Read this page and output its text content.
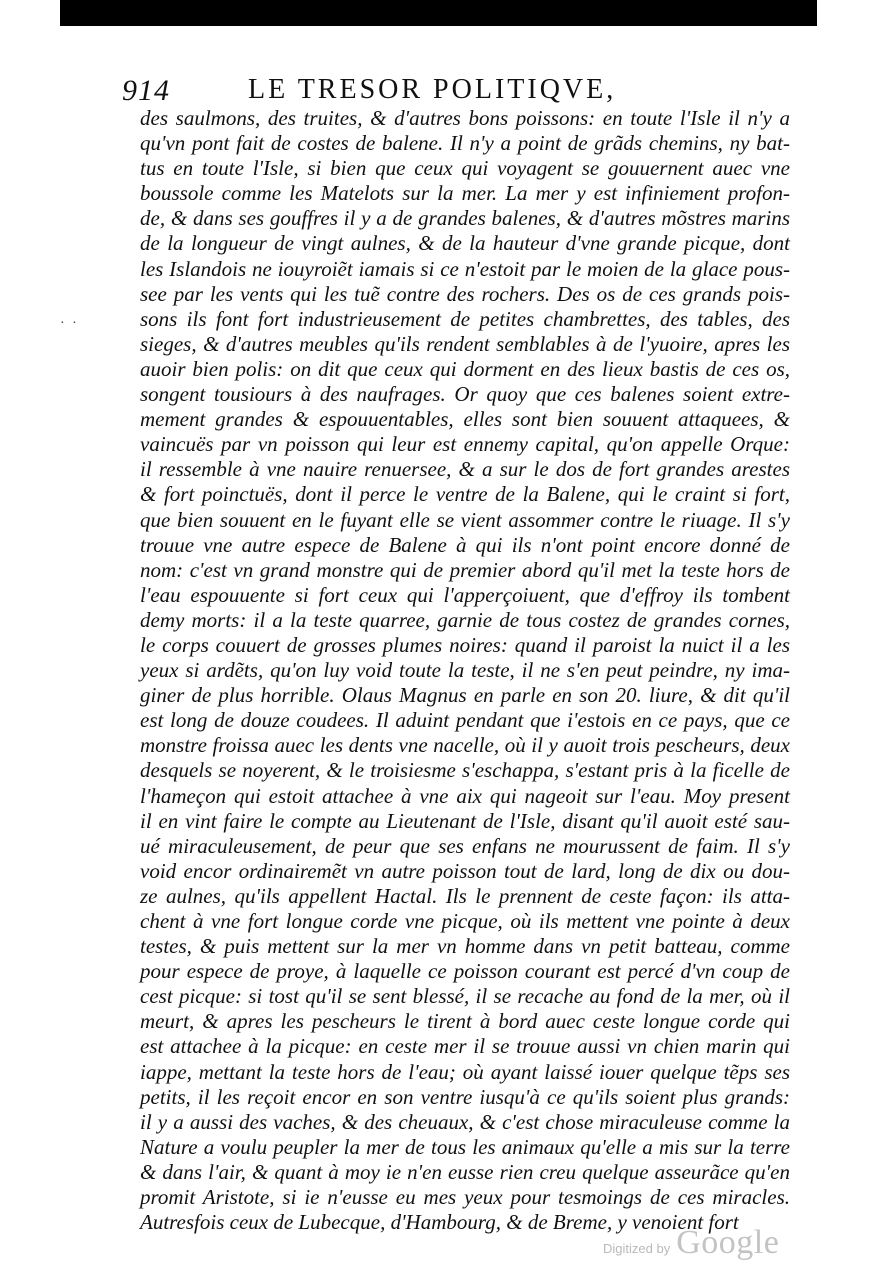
· ·
914	LE TRESOR POLITIQVE,
des saulmons, des truites, & d'autres bons poissons: en toute l'Isle il n'y a
qu'vn pont fait de costes de balene. Il n'y a point de grãds chemins, ny bat-
tus en toute l'Isle, si bien que ceux qui voyagent se gouuernent auec vne
boussole comme les Matelots sur la mer. La mer y est infiniement profon-
de, & dans ses gouffres il y a de grandes balenes, & d'autres mõstres marins
de la longueur de vingt aulnes, & de la hauteur d'vne grande picque, dont
les Islandois ne iouyroiẽt iamais si ce n'estoit par le moien de la glace pous-
see par les vents qui les tuẽ contre des rochers. Des os de ces grands pois-
sons ils font fort industrieusement de petites chambrettes, des tables, des
sieges, & d'autres meubles qu'ils rendent semblables à de l'yuoire, apres les
auoir bien polis: on dit que ceux qui dorment en des lieux bastis de ces os,
songent tousiours à des naufrages. Or quoy que ces balenes soient extre-
mement grandes & espouuentables, elles sont bien souuent attaquees, &
vaincuës par vn poisson qui leur est ennemy capital, qu'on appelle Orque:
il ressemble à vne nauire renuersee, & a sur le dos de fort grandes arestes
& fort poinctuës, dont il perce le ventre de la Balene, qui le craint si fort,
que bien souuent en le fuyant elle se vient assommer contre le riuage. Il s'y
trouue vne autre espece de Balene à qui ils n'ont point encore donné de
nom: c'est vn grand monstre qui de premier abord qu'il met la teste hors de
l'eau espouuente si fort ceux qui l'apperçoiuent, que d'effroy ils tombent
demy morts: il a la teste quarree, garnie de tous costez de grandes cornes,
le corps couuert de grosses plumes noires: quand il paroist la nuict il a les
yeux si ardẽts, qu'on luy void toute la teste, il ne s'en peut peindre, ny ima-
giner de plus horrible. Olaus Magnus en parle en son 20. liure, & dit qu'il
est long de douze coudees. Il aduint pendant que i'estois en ce pays, que ce
monstre froissa auec les dents vne nacelle, où il y auoit trois pescheurs, deux
desquels se noyerent, & le troisiesme s'eschappa, s'estant pris à la ficelle de
l'hameçon qui estoit attachee à vne aix qui nageoit sur l'eau. Moy present
il en vint faire le compte au Lieutenant de l'Isle, disant qu'il auoit esté sau-
ué miraculeusement, de peur que ses enfans ne mourussent de faim. Il s'y
void encor ordinairemẽt vn autre poisson tout de lard, long de dix ou dou-
ze aulnes, qu'ils appellent Hactal. Ils le prennent de ceste façon: ils atta-
chent à vne fort longue corde vne picque, où ils mettent vne pointe à deux
testes, & puis mettent sur la mer vn homme dans vn petit batteau, comme
pour espece de proye, à laquelle ce poisson courant est percé d'vn coup de
cest picque: si tost qu'il se sent blessé, il se recache au fond de la mer, où il
meurt, & apres les pescheurs le tirent à bord auec ceste longue corde qui
est attachee à la picque: en ceste mer il se trouue aussi vn chien marin qui
iappe, mettant la teste hors de l'eau; où ayant laissé iouer quelque tẽps ses
petits, il les reçoit encor en son ventre iusqu'à ce qu'ils soient plus grands:
il y a aussi des vaches, & des cheuaux, & c'est chose miraculeuse comme la
Nature a voulu peupler la mer de tous les animaux qu'elle a mis sur la terre
& dans l'air, & quant à moy ie n'en eusse rien creu quelque asseurãce qu'en
promit Aristote, si ie n'eusse eu mes yeux pour tesmoings de ces miracles.
Autresfois ceux de Lubecque, d'Hambourg, & de Breme, y venoient fort
Digitized by Google
